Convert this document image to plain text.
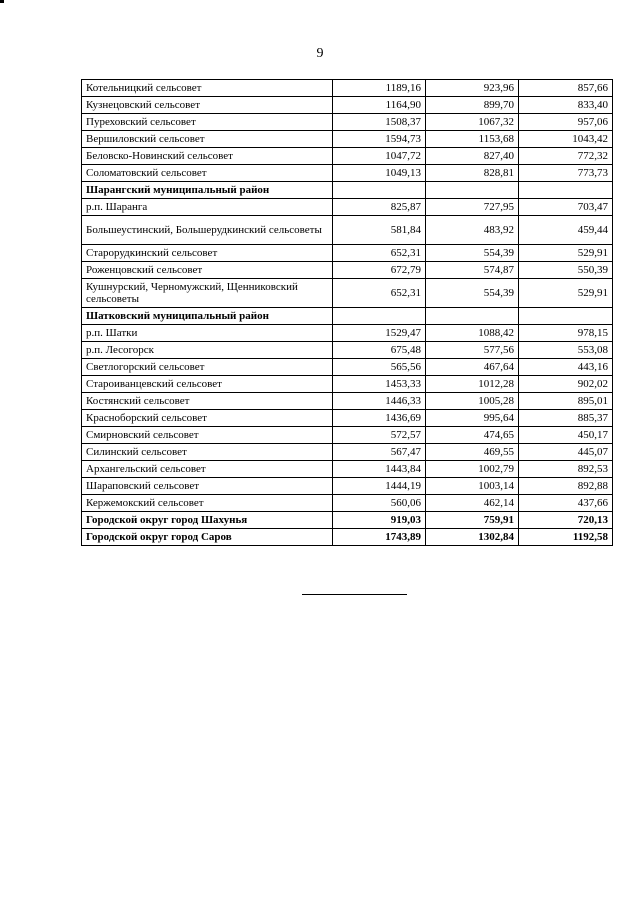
9
Котельницкий сельсовет	1189,16	923,96	857,66
Кузнецовский сельсовет	1164,90	899,70	833,40
Пуреховский сельсовет	1508,37	1067,32	957,06
Вершиловский сельсовет	1594,73	1153,68	1043,42
Беловско-Новинский сельсовет	1047,72	827,40	772,32
Соломатовский сельсовет	1049,13	828,81	773,73
Шарангский муниципальный район			
р.п. Шаранга	825,87	727,95	703,47
Большеустинский, Большерудкинский сельсоветы	581,84	483,92	459,44
Старорудкинский сельсовет	652,31	554,39	529,91
Роженцовский сельсовет	672,79	574,87	550,39
Кушнурский, Черномужский, Щенниковский сельсоветы	652,31	554,39	529,91
Шатковский муниципальный район			
р.п. Шатки	1529,47	1088,42	978,15
р.п. Лесогорск	675,48	577,56	553,08
Светлогорский сельсовет	565,56	467,64	443,16
Староиванцевский сельсовет	1453,33	1012,28	902,02
Костянский сельсовет	1446,33	1005,28	895,01
Красноборский сельсовет	1436,69	995,64	885,37
Смирновский сельсовет	572,57	474,65	450,17
Силинский сельсовет	567,47	469,55	445,07
Архангельский сельсовет	1443,84	1002,79	892,53
Шараповский сельсовет	1444,19	1003,14	892,88
Кержемокский сельсовет	560,06	462,14	437,66
Городской округ город Шахунья	919,03	759,91	720,13
Городской округ город Саров	1743,89	1302,84	1192,58
